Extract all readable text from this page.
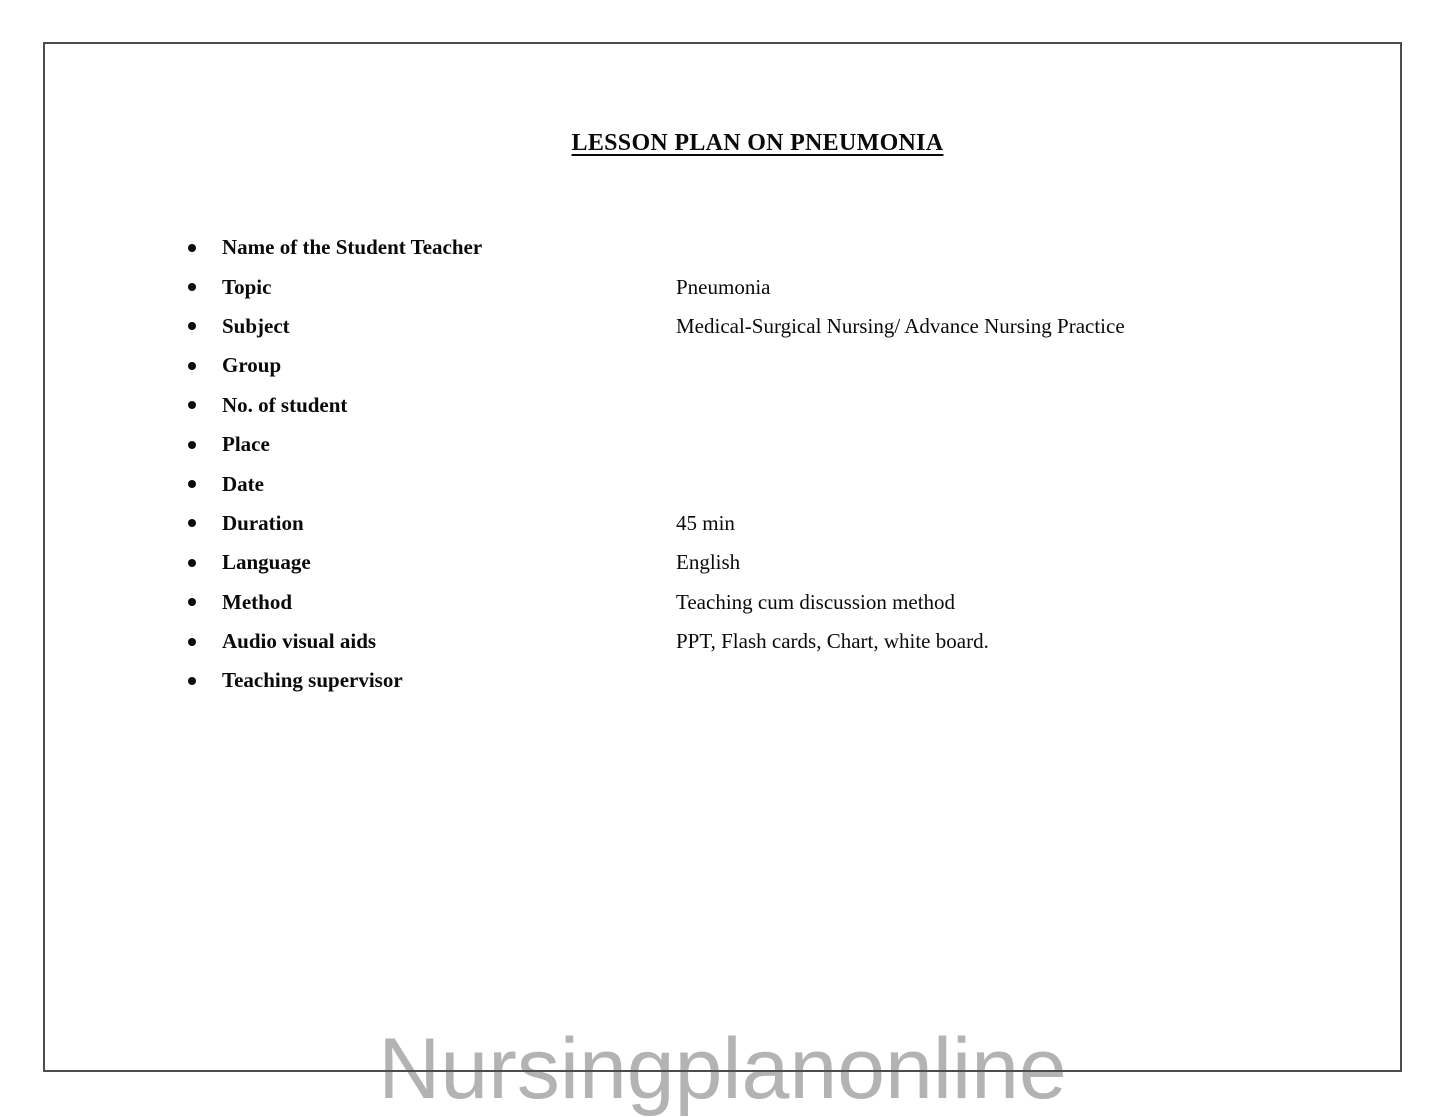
LESSON PLAN ON PNEUMONIA
Name of the Student Teacher
Topic	Pneumonia
Subject	Medical-Surgical Nursing/ Advance Nursing Practice
Group
No. of student
Place
Date
Duration	45 min
Language	English
Method	Teaching cum discussion method
Audio visual aids	PPT, Flash cards, Chart, white board.
Teaching supervisor
Nursingplanonline
